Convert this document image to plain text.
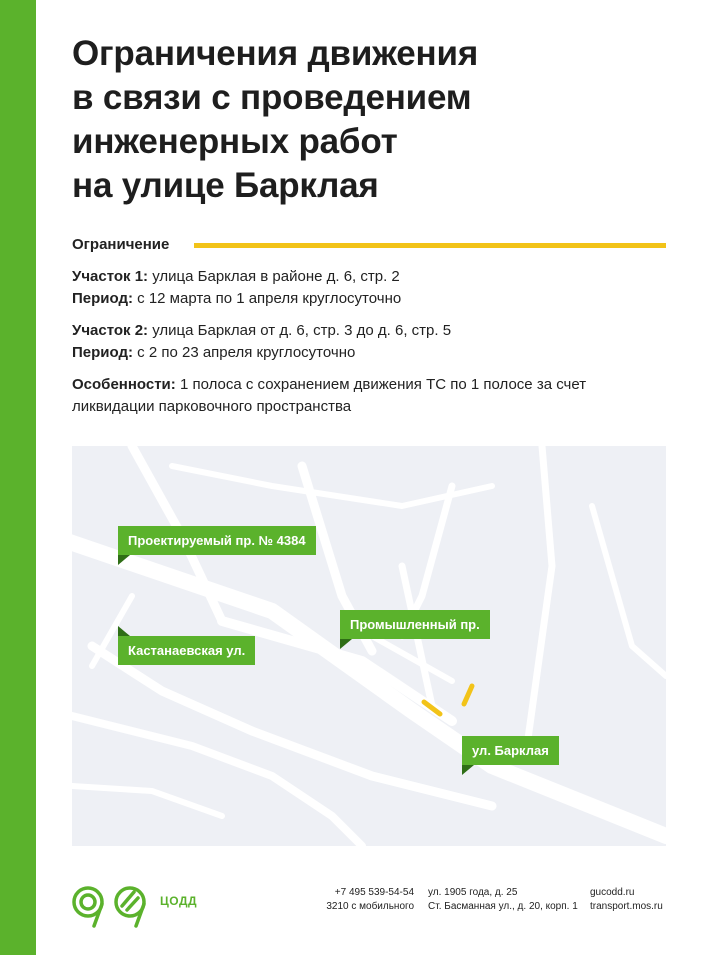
Ограничения движения
в связи с проведением
инженерных работ
на улице Барклая
Ограничение
Участок 1: улица Барклая в районе д. 6, стр. 2
Период: с 12 марта по 1 апреля круглосуточно
Участок 2: улица Барклая от д. 6, стр. 3 до д. 6, стр. 5
Период: с 2 по 23 апреля круглосуточно
Особенности: 1 полоса с сохранением движения ТС по 1 полосе за счет
ликвидации парковочного пространства
Проектируемый пр. № 4384
Кастанаевская ул.
Промышленный пр.
ул. Барклая
ЦОДД
+7 495 539-54-54
3210 с мобильного
ул. 1905 года, д. 25
Ст. Басманная ул., д. 20, корп. 1
gucodd.ru
transport.mos.ru
